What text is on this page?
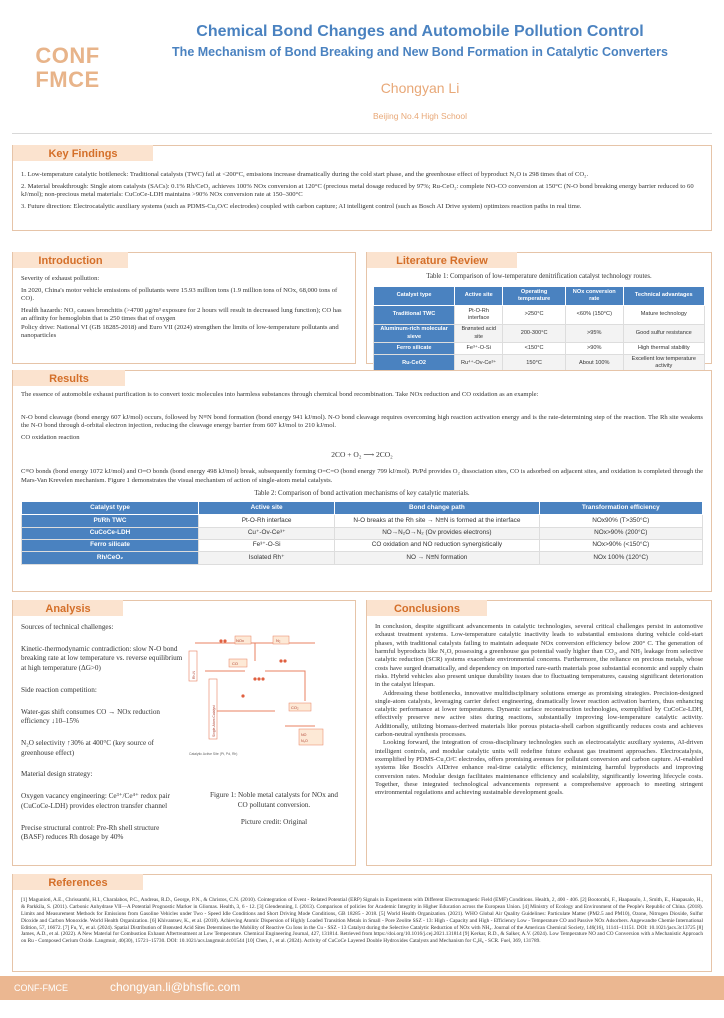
CONF
FMCE
Chemical Bond Changes and Automobile Pollution Control
The Mechanism of Bond Breaking and New Bond Formation in Catalytic Converters
Chongyan Li
Beijing No.4 High School
Key Findings

1. Low-temperature catalytic bottleneck: Traditional catalysts (TWC) fail at <200°C, emissions increase dramatically during the cold start phase, and the greenhouse effect of byproduct N₂O is 298 times that of CO₂.

2. Material breakthrough: Single atom catalysts (SACs): 0.1% Rh/CeO₂ achieves 100% NOx conversion at 120°C (precious metal dosage reduced by 97%; Ru-CeO₂: complete NO-CO conversion at 150°C (N-O bond breaking energy barrier reduced to 60 kJ/mol); non-precious metal materials: CuCoCe-LDH maintains >90% NOx conversion rate at 150–300°C

3. Future direction: Electrocatalytic auxiliary systems (such as PDMS-Cu₂O/C electrodes) coupled with carbon capture; AI intelligent control (such as Bosch AI Drive system) optimizes reaction paths in real time.

Introduction

Severity of exhaust pollution:

In 2020, China's motor vehicle emissions of pollutants were 15.93 million tons (1.9 million tons of NOx, 68,000 tons of CO).

Health hazards: NO₂ causes bronchitis (>4700 μg/m³ exposure for 2 hours will result in decreased lung function); CO has an affinity for hemoglobin that is 250 times that of oxygen

Policy drive: National VI (GB 18285-2018) and Euro VII (2024) strengthen the limits of low-temperature pollutants and nanoparticles

Literature Review
Table 1: Comparison of low-temperature denitrification catalyst technology routes.
Catalyst type	Active site	Operating temperature	NOx conversion rate	Technical advantages
Traditional TWC	Pt-O-Rh interface	>250°C	<60% (150°C)	Mature technology
Aluminum-rich molecular sieve	Brønsted acid site	200-300°C	>95%	Good sulfur resistance
Ferro silicate	Fe³⁺-O-Si	<150°C	>90%	High thermal stability
Ru-CeO2	Ru⁴⁺-Ov-Ce³⁺	150°C	About 100%	Excellent low temperature activity
Results

The essence of automobile exhaust purification is to convert toxic molecules into harmless substances through chemical bond recombination. Take NOx reduction and CO oxidation as an example:

N-O bond cleavage (bond energy 607 kJ/mol) occurs, followed by N≡N bond formation (bond energy 941 kJ/mol). N-O bond cleavage requires overcoming high reaction activation energy and is the rate-determining step of the reaction. The Rh site weakens the N-O bond through d-orbital electron injection, reducing the cleavage energy barrier from 607 kJ/mol to 210 kJ/mol.

CO oxidation reaction

2CO + O₂ ⟶ 2CO₂

C≡O bonds (bond energy 1072 kJ/mol) and O=O bonds (bond energy 498 kJ/mol) break, subsequently forming O=C=O (bond energy 799 kJ/mol). Pt/Pd provides O₂ dissociation sites, CO is adsorbed on adjacent sites, and oxidation is completed through the Mars-Van Krevelen mechanism. Figure 1 demonstrates the visual mechanism of action of single-atom metal catalysts.

Table 2: Comparison of bond activation mechanisms of key catalytic materials.
Catalyst type	Active site	Bond change path	Transformation efficiency
Pt/Rh TWC	Pt-O-Rh interface	N-O breaks at the Rh site → N≡N is formed at the interface	NOx90% (T>350°C)
CuCoCe-LDH	Cu⁺-Ov-Ce³⁺	NO→N₂O→N₂ (Ov provides electrons)	NOx>90% (200°C)
Ferro silicate	Fe³⁺-O-Si	CO oxidation and NO reduction synergistically	NOx>90% (<150°C)
Rh/CeO₂	Isolated Rh⁺	NO → N≡N formation	NOx 100% (120°C)
Analysis

Sources of technical challenges:

Kinetic-thermodynamic contradiction: slow N-O bond breaking rate at low temperature vs. reverse equilibrium at high temperature (ΔG>0)

Side reaction competition:

Water-gas shift consumes CO → NOx reduction efficiency ↓10–15%

N₂O selectivity ↑30% at 400°C (key source of greenhouse effect)

Material design strategy:

Oxygen vacancy engineering: Ce³⁺/Ce⁴⁺ redox pair (CuCoCe-LDH) provides electron transfer channel

Precise structural control: Pre-Rh shell structure (BASF) reduces Rh dosage by 40%

NOx	N₂
CO
CO₂
NO
N₂O
Single-Atom Catalyst
Rh-N
Catalytic Active Site (Pt, Pd, Rh)

Figure 1: Noble metal catalysts for NOx and CO pollutant conversion.

Picture credit: Original

Conclusions

In conclusion, despite significant advancements in catalytic technologies, several critical challenges persist in automotive exhaust treatment systems. Low-temperature catalytic inactivity leads to substantial emissions during vehicle cold-start phases, with traditional catalysts failing to maintain adequate NOx conversion efficiency below 200° C. The generation of harmful byproducts like N₂O, possessing a greenhouse gas potential vastly higher than CO₂, and NH₃ leakage from selective catalytic reduction (SCR) systems exacerbate environmental concerns. Furthermore, the reliance on precious metals, whose costs have surged dramatically, and dependency on imported rare-earth materials pose substantial economic and supply chain risks. Hybrid vehicles also present unique durability issues due to fluctuating temperatures, causing significant deterioration in the catalyst lifespan.

Addressing these bottlenecks, innovative multidisciplinary solutions emerge as promising strategies. Precision-designed single-atom catalysts, leveraging carrier defect engineering, dramatically lower reaction activation barriers, thus enhancing catalytic performance at lower temperatures. Dynamic surface reconstruction technologies, exemplified by CuCoCe-LDH, effectively preserve new active sites during reactions, substantially improving low-temperature catalytic activity. Additionally, utilizing biomass-derived materials like porous pistacia-shell carbon significantly reduces costs and achieves carbon-neutral synthesis processes.

Looking forward, the integration of cross-disciplinary technologies such as electrocatalytic auxiliary systems, AI-driven intelligent controls, and modular catalytic units will redefine future exhaust gas treatment approaches. Electrocatalysis, exemplified by PDMS-Cu₂O/C electrodes, offers promising avenues for pollutant conversion and carbon capture. AI-enabled systems like Bosch's AIDrive enhance real-time catalytic efficiency, minimizing harmful byproducts and improving conversion rates. Modular design facilitates maintenance efficiency and scalability, significantly lowering lifecycle costs. Together, these integrated technological advancements represent a comprehensive approach to meeting stringent environmental regulations and achieving sustainable development goals.

References

[1] Magunioti, A.E., Chrissanthi, H.I., Charalabos, P.C., Andreas, R.D., George, P.N., & Christos, C.N. (2010). Cointegration of Event - Related Potential (ERP) Signals in Experiments with Different Electromagnetic Field (EMF) Conditions. Health, 2, 400 - 406. [2] Bootorabi, F., Haapasalo, J., Smith, E., Haapasalo, H., & Parkkila, S. (2011). Carbonic Anhydrase VII—A Potential Prognostic Marker in Gliomas. Health, 3, 6 - 12. [3] Glendenning, I. (2013). Comparison of policies for Academic Integrity in Higher Education across the European Union. [4] Ministry of Ecology and Environment of the People's Republic of China. (2018). Limits and Measurement Methods for Emissions from Gasoline Vehicles under Two - Speed Idle Conditions and Short Driving Mode Conditions, GB 18285 - 2018. [5] World Health Organization. (2021). WHO Global Air Quality Guidelines: Particulate Matter (PM2.5 and PM10), Ozone, Nitrogen Dioxide, Sulfur Dioxide and Carbon Monoxide. World Health Organization. [6] Khivantsev, K., et al. (2018). Achieving Atomic Dispersion of Highly Loaded Transition Metals in Small - Pore Zeolite SSZ - 13: High - Capacity and High - Efficiency Low - Temperature CO and Passive NOx Adsorbers. Angewandte Chemie International Edition, 57, 16672. [7] Fu, Y., et al. (2024). Spatial Distribution of Brønsted Acid Sites Determines the Mobility of Reactive Cu Ions in the Cu - SSZ - 13 Catalyst during the Selective Catalytic Reduction of NOx with NH₃. Journal of the American Chemical Society, 146(16), 11141–11151. DOI: 10.1021/jacs.3c13725 [8] James, A.D., et al. (2022). A New Material for Combustion Exhaust Aftertreatment at Low Temperature. Chemical Engineering Journal, 427, 131814. Retrieved from https://doi.org/10.1016/j.cej.2021.131814 [9] Kerkar, R.D., & Salker, A.V. (2024). Low Temperature NO and CO Conversion with a Mechanistic Approach on Ru - Composed Cerium Oxide. Langmuir, 40(30), 15721–15730. DOI: 10.1021/acs.langmuir.4c01544 [10] Chen, J., et al. (2024). Activity of CuCoCe Layered Double Hydroxides Catalysts and Mechanism for C₃H₆ - SCR. Fuel, 369, 131789.

CONF-FMCE	chongyan.li@bhsfic.com
